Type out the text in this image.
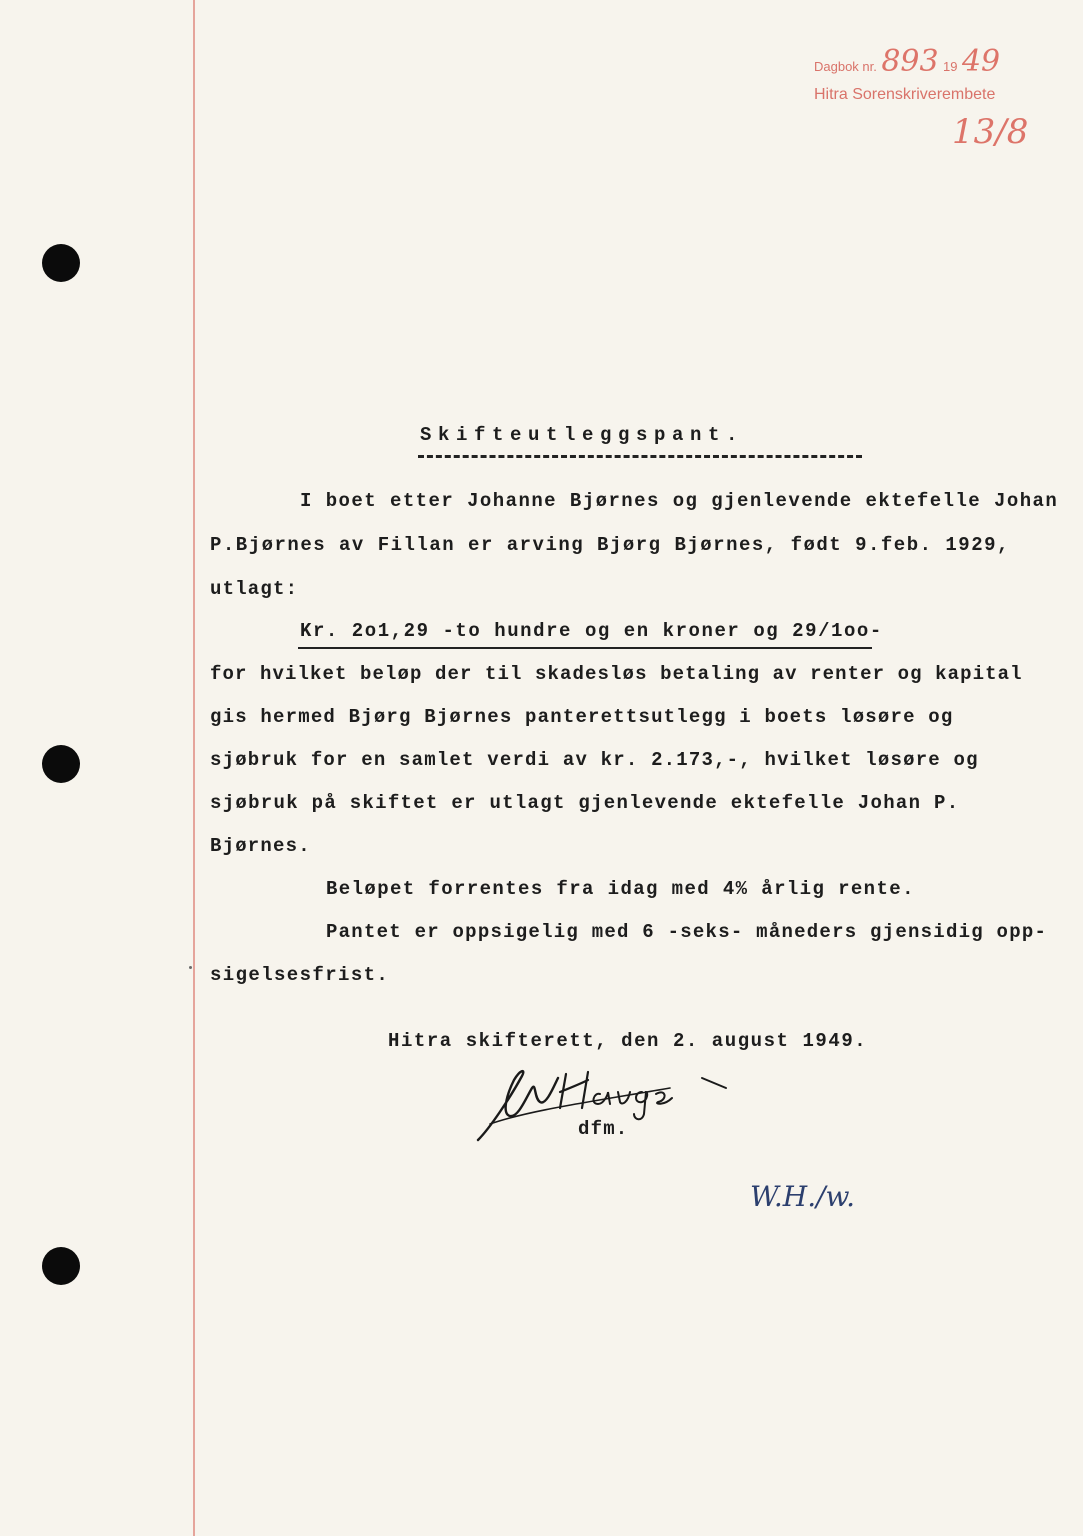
Dagbok nr. 893 19 49
Hitra Sorenskriverembete
13/8
Skifteutleggspant.
I boet etter Johanne Bjørnes og gjenlevende ektefelle Johan
P.Bjørnes av Fillan er arving Bjørg Bjørnes, født 9.feb. 1929,
utlagt:
Kr. 2o1,29 -to hundre og en kroner og 29/1oo-
for hvilket beløp der til skadesløs betaling av renter og kapital
gis hermed Bjørg Bjørnes panterettsutlegg i boets løsøre og
sjøbruk for en samlet verdi av kr. 2.173,-, hvilket løsøre og
sjøbruk på skiftet er utlagt gjenlevende ektefelle Johan P.
Bjørnes.
Beløpet forrentes fra idag med 4% årlig rente.
Pantet er oppsigelig med 6 -seks- måneders gjensidig opp-
sigelsesfrist.
Hitra skifterett, den 2. august 1949.
dfm.
W.H./w.
